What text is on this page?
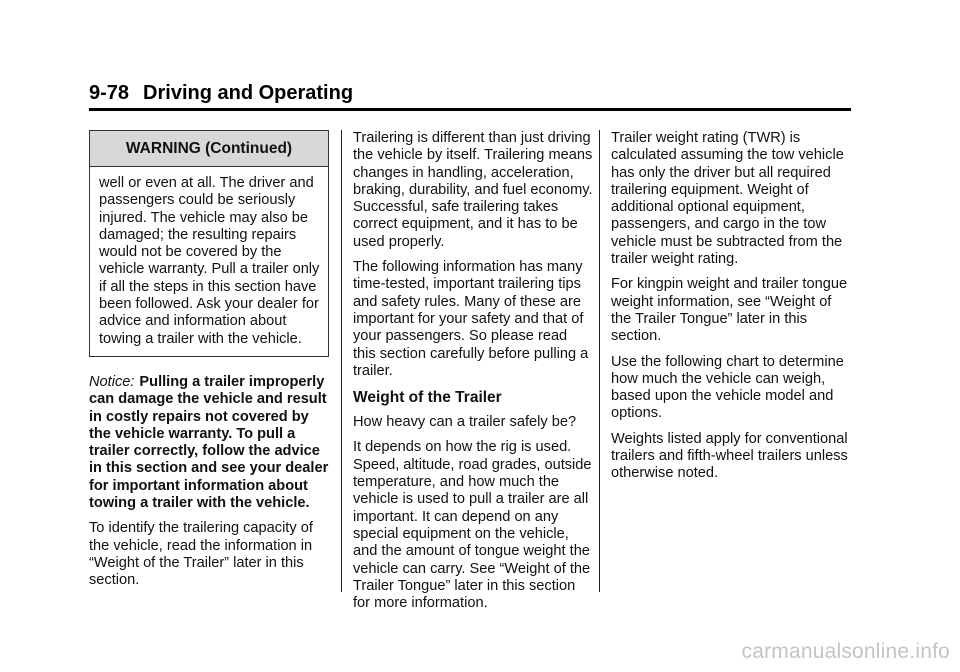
9-78 Driving and Operating
WARNING (Continued)
well or even at all. The driver and passengers could be seriously injured. The vehicle may also be damaged; the resulting repairs would not be covered by the vehicle warranty. Pull a trailer only if all the steps in this section have been followed. Ask your dealer for advice and information about towing a trailer with the vehicle.

Notice: Pulling a trailer improperly can damage the vehicle and result in costly repairs not covered by the vehicle warranty. To pull a trailer correctly, follow the advice in this section and see your dealer for important information about towing a trailer with the vehicle.

To identify the trailering capacity of the vehicle, read the information in “Weight of the Trailer” later in this section.

Trailering is different than just driving the vehicle by itself. Trailering means changes in handling, acceleration, braking, durability, and fuel economy. Successful, safe trailering takes correct equipment, and it has to be used properly.

The following information has many time-tested, important trailering tips and safety rules. Many of these are important for your safety and that of your passengers. So please read this section carefully before pulling a trailer.

Weight of the Trailer

How heavy can a trailer safely be?

It depends on how the rig is used. Speed, altitude, road grades, outside temperature, and how much the vehicle is used to pull a trailer are all important. It can depend on any special equipment on the vehicle, and the amount of tongue weight the vehicle can carry. See “Weight of the Trailer Tongue” later in this section for more information.

Trailer weight rating (TWR) is calculated assuming the tow vehicle has only the driver but all required trailering equipment. Weight of additional optional equipment, passengers, and cargo in the tow vehicle must be subtracted from the trailer weight rating.

For kingpin weight and trailer tongue weight information, see “Weight of the Trailer Tongue” later in this section.

Use the following chart to determine how much the vehicle can weigh, based upon the vehicle model and options.

Weights listed apply for conventional trailers and fifth-wheel trailers unless otherwise noted.

carmanualsonline.info
